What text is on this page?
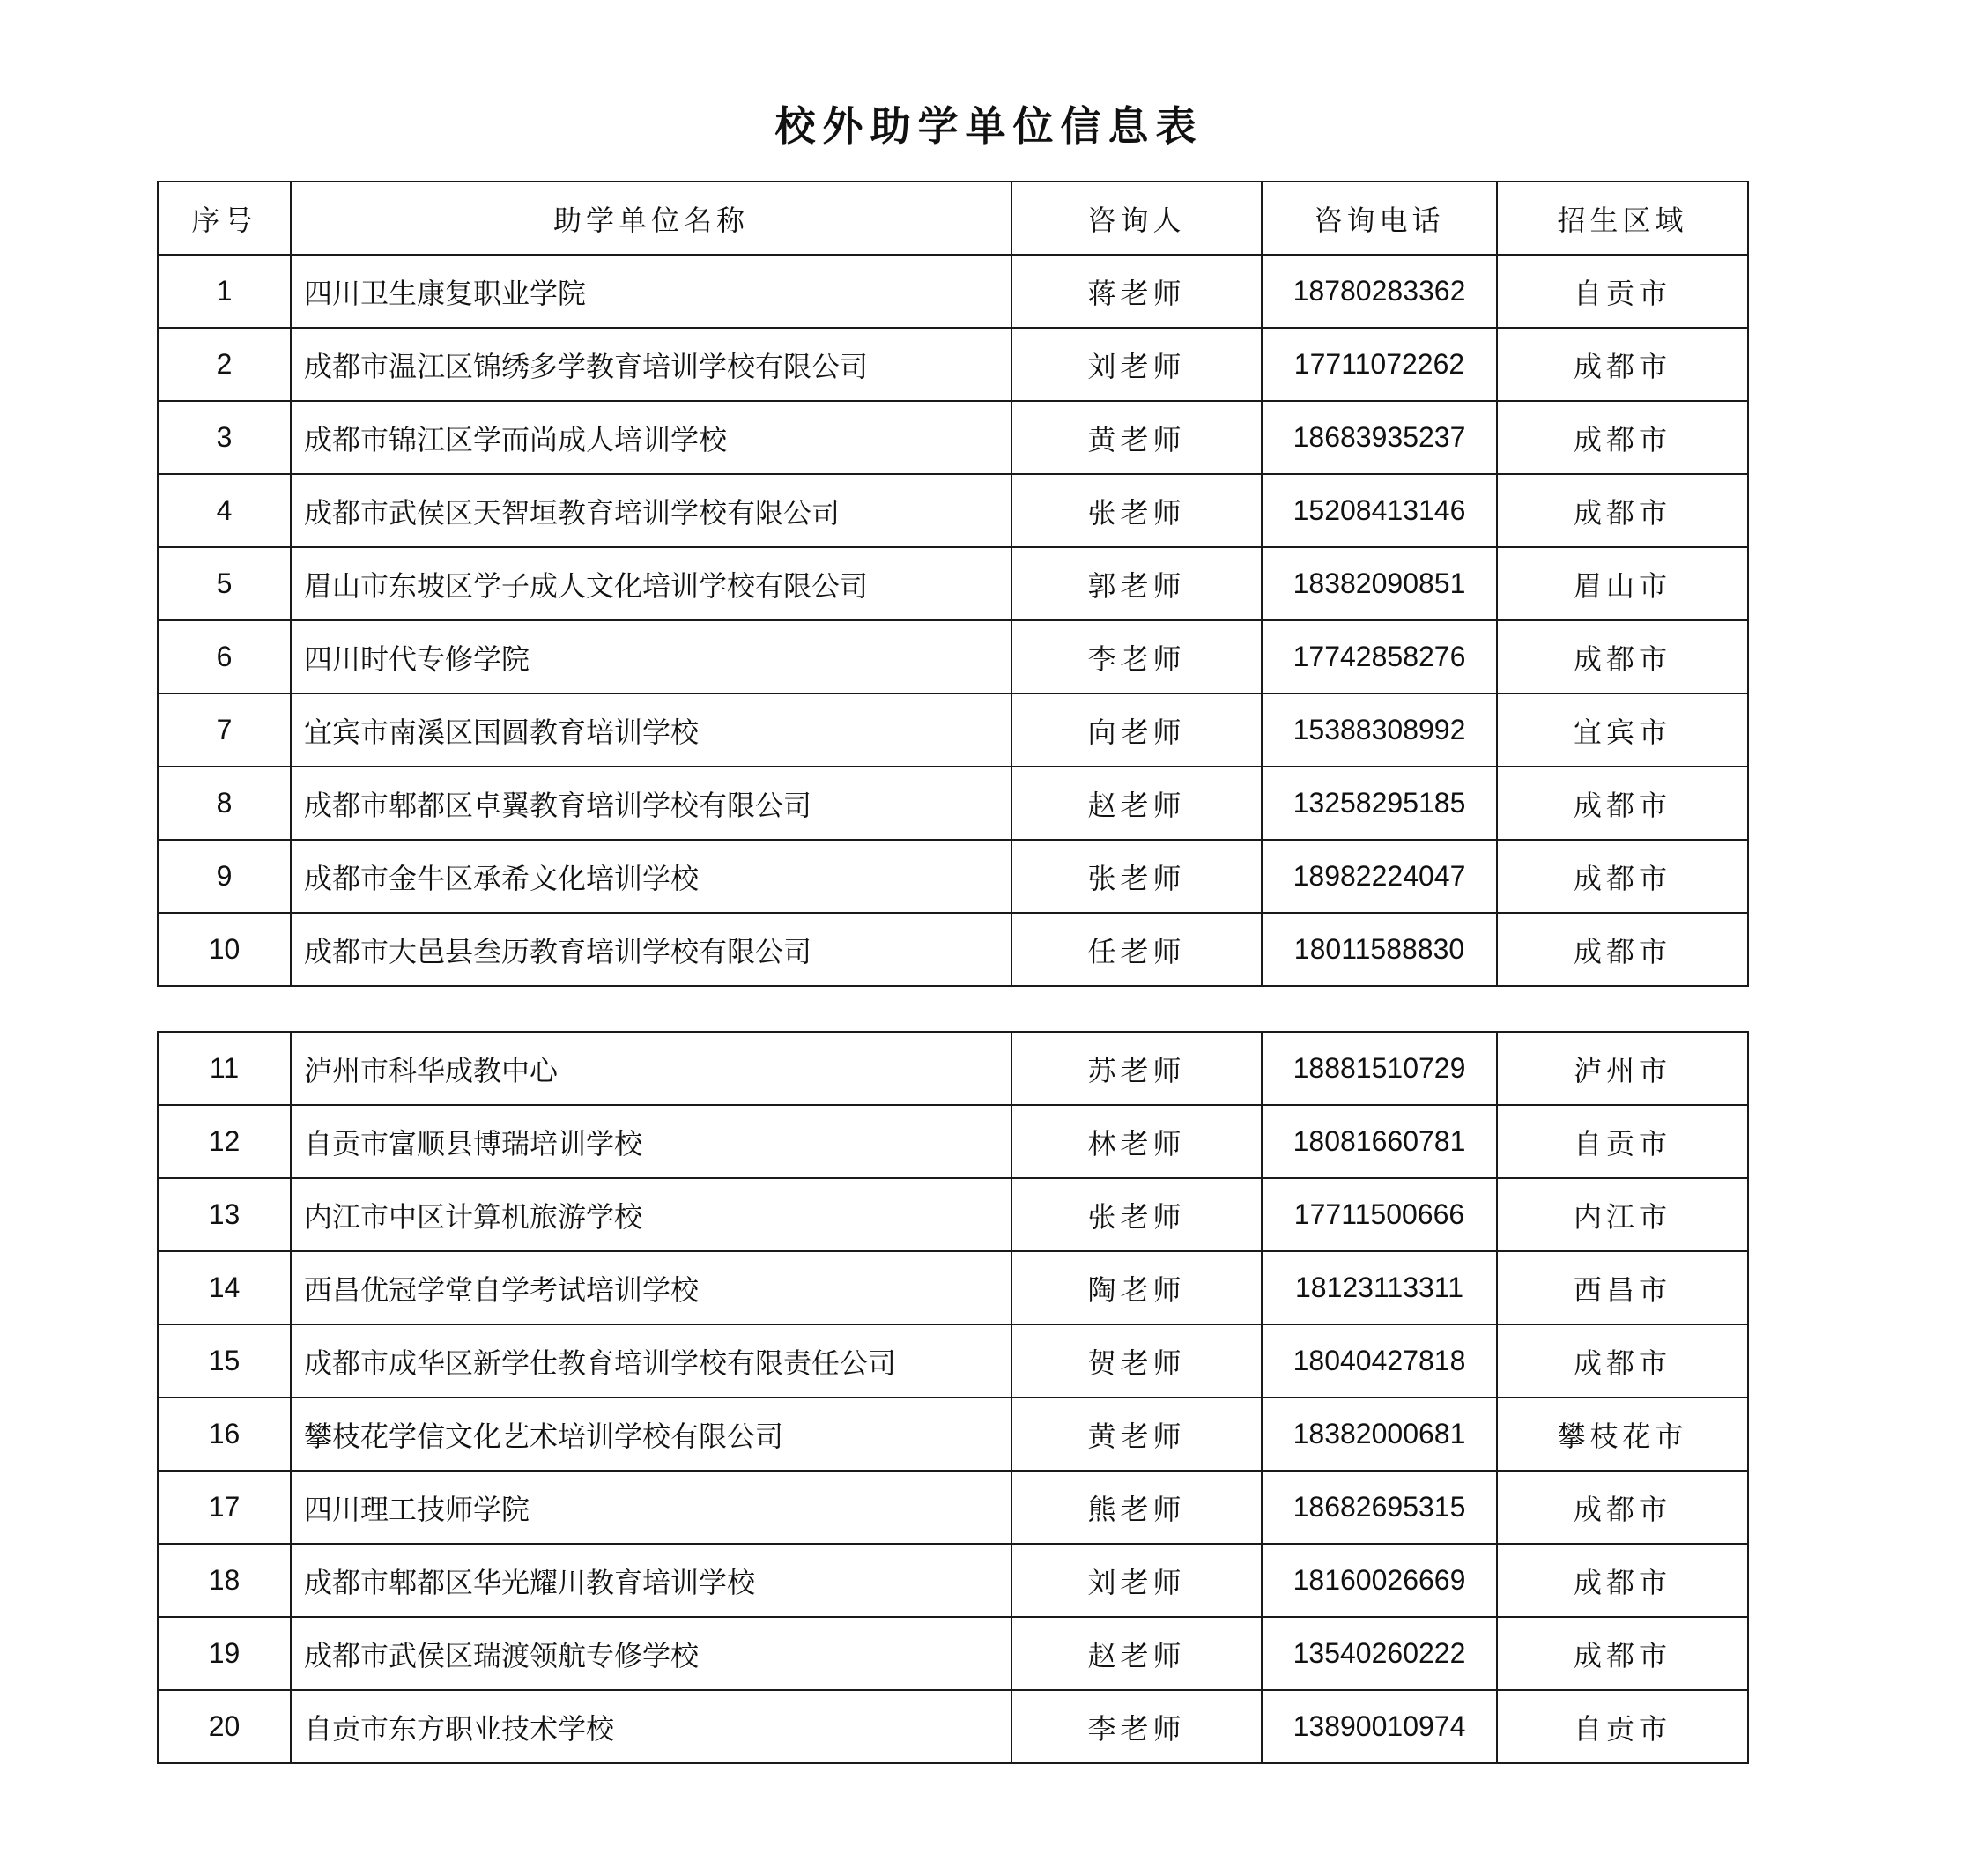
校外助学单位信息表
序号	助学单位名称	咨询人	咨询电话	招生区域
1	四川卫生康复职业学院	蒋老师	18780283362	自贡市
2	成都市温江区锦绣多学教育培训学校有限公司	刘老师	17711072262	成都市
3	成都市锦江区学而尚成人培训学校	黄老师	18683935237	成都市
4	成都市武侯区天智垣教育培训学校有限公司	张老师	15208413146	成都市
5	眉山市东坡区学子成人文化培训学校有限公司	郭老师	18382090851	眉山市
6	四川时代专修学院	李老师	17742858276	成都市
7	宜宾市南溪区国圆教育培训学校	向老师	15388308992	宜宾市
8	成都市郫都区卓翼教育培训学校有限公司	赵老师	13258295185	成都市
9	成都市金牛区承希文化培训学校	张老师	18982224047	成都市
10	成都市大邑县叁历教育培训学校有限公司	任老师	18011588830	成都市
11	泸州市科华成教中心	苏老师	18881510729	泸州市
12	自贡市富顺县博瑞培训学校	林老师	18081660781	自贡市
13	内江市中区计算机旅游学校	张老师	17711500666	内江市
14	西昌优冠学堂自学考试培训学校	陶老师	18123113311	西昌市
15	成都市成华区新学仕教育培训学校有限责任公司	贺老师	18040427818	成都市
16	攀枝花学信文化艺术培训学校有限公司	黄老师	18382000681	攀枝花市
17	四川理工技师学院	熊老师	18682695315	成都市
18	成都市郫都区华光耀川教育培训学校	刘老师	18160026669	成都市
19	成都市武侯区瑞渡领航专修学校	赵老师	13540260222	成都市
20	自贡市东方职业技术学校	李老师	13890010974	自贡市
